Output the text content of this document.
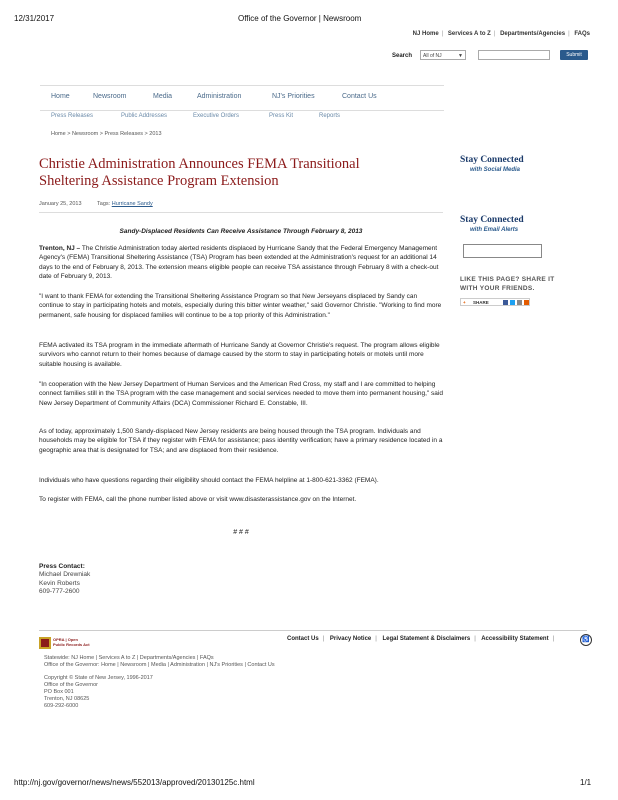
12/31/2017	Office of the Governor | Newsroom
NJ Home | Services A to Z | Departments/Agencies | FAQs
Search	All of NJ	▼	Submit
Home	Newsroom	Media	Administration	NJ's Priorities	Contact Us
Press Releases	Public Addresses	Executive Orders	Press Kit	Reports
Home > Newsroom > Press Releases > 2013
Christie Administration Announces FEMA Transitional
Sheltering Assistance Program Extension
January 25, 2013	Tags: Hurricane Sandy
Sandy-Displaced Residents Can Receive Assistance Through February 8, 2013

Trenton, NJ – The Christie Administration today alerted residents displaced by Hurricane Sandy that the Federal Emergency Management Agency's (FEMA) Transitional Sheltering Assistance (TSA) Program has been extended at the Administration's request for an additional 14 days to the end of February 8, 2013. The extension means eligible people can receive TSA assistance through February 8 with a check-out date of February 9, 2013.

"I want to thank FEMA for extending the Transitional Sheltering Assistance Program so that New Jerseyans displaced by Sandy can continue to stay in participating hotels and motels, especially during this bitter winter weather," said Governor Christie. "Working to find more permanent, safe housing for displaced families will continue to be a top priority of this Administration."
FEMA activated its TSA program in the immediate aftermath of Hurricane Sandy at Governor Christie's request. The program allows eligible survivors who cannot return to their homes because of damage caused by the storm to stay in participating hotels or motels until more suitable housing is available.
"In cooperation with the New Jersey Department of Human Services and the American Red Cross, my staff and I are committed to helping connect families still in the TSA program with the case management and social services needed to move them into permanent housing," said New Jersey Department of Community Affairs (DCA) Commissioner Richard E. Constable, III.
As of today, approximately 1,500 Sandy-displaced New Jersey residents are being housed through the TSA program. Individuals and households may be eligible for TSA if they register with FEMA for assistance; pass identity verification; have a primary residence located in a geographic area that is designated for TSA; and are displaced from their residence.
Individuals who have questions regarding their eligibility should contact the FEMA helpline at 1-800-621-3362 (FEMA).
To register with FEMA, call the phone number listed above or visit www.disasterassistance.gov on the Internet.
# # #
Press Contact:
Michael Drewniak
Kevin Roberts
609-777-2600
Stay Connected
with Social Media
Stay Connected
with Email Alerts
LIKE THIS PAGE? SHARE IT
WITH YOUR FRIENDS.
+ SHARE
OPRA | Open
Public Records Act
Contact Us | Privacy Notice | Legal Statement & Disclaimers | Accessibility Statement |	♿
Statewide: NJ Home | Services A to Z | Departments/Agencies | FAQs
Office of the Governor: Home | Newsroom | Media | Administration | NJ's Priorities | Contact Us
Copyright © State of New Jersey, 1996-2017
Office of the Governor
PO Box 001
Trenton, NJ 08625
609-292-6000
http://nj.gov/governor/news/news/552013/approved/20130125c.html	1/1
